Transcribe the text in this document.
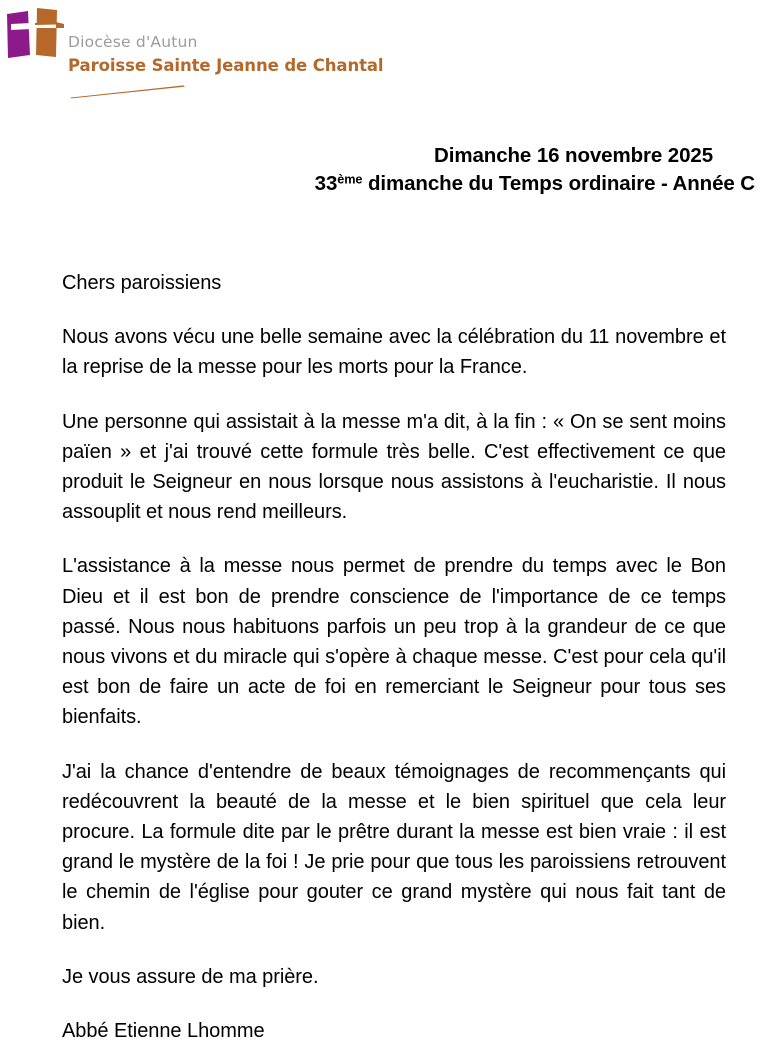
Diocèse d'Autun
Paroisse Sainte Jeanne de Chantal
Dimanche 16 novembre 2025
33ème dimanche du Temps ordinaire - Année C

Chers paroissiens

Nous avons vécu une belle semaine avec la célébration du 11 novembre et la reprise de la messe pour les morts pour la France.

Une personne qui assistait à la messe m'a dit, à la fin : « On se sent moins païen » et j'ai trouvé cette formule très belle. C'est effectivement ce que produit le Seigneur en nous lorsque nous assistons à l'eucharistie. Il nous assouplit et nous rend meilleurs.

L'assistance à la messe nous permet de prendre du temps avec le Bon Dieu et il est bon de prendre conscience de l'importance de ce temps passé. Nous nous habituons parfois un peu trop à la grandeur de ce que nous vivons et du miracle qui s'opère à chaque messe. C'est pour cela qu'il est bon de faire un acte de foi en remerciant le Seigneur pour tous ses bienfaits.

J'ai la chance d'entendre de beaux témoignages de recommençants qui redécouvrent la beauté de la messe et le bien spirituel que cela leur procure. La formule dite par le prêtre durant la messe est bien vraie : il est grand le mystère de la foi ! Je prie pour que tous les paroissiens retrouvent le chemin de l'église pour gouter ce grand mystère qui nous fait tant de bien.

Je vous assure de ma prière.

Abbé Etienne Lhomme
